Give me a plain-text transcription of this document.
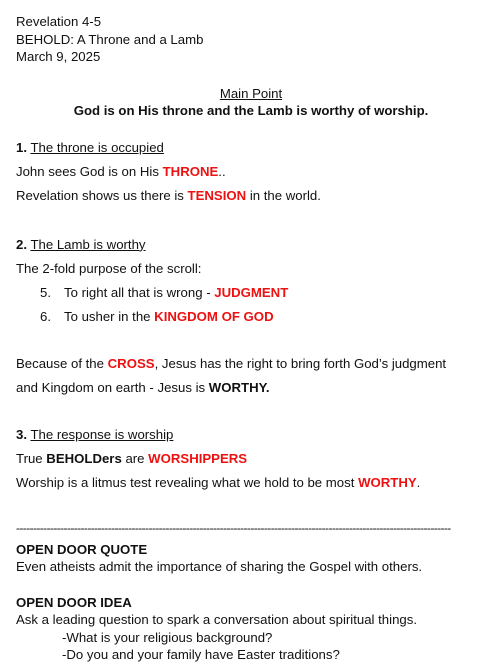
Revelation 4-5
BEHOLD: A Throne and a Lamb
March 9, 2025
Main Point
God is on His throne and the Lamb is worthy of worship.
1. The throne is occupied
John sees God is on His THRONE..
Revelation shows us there is TENSION in the world.
2. The Lamb is worthy
The 2-fold purpose of the scroll:
5. To right all that is wrong - JUDGMENT
6. To usher in the KINGDOM OF GOD
Because of the CROSS, Jesus has the right to bring forth God’s judgment
and Kingdom on earth - Jesus is WORTHY.
3. The response is worship
True BEHOLDers are WORSHIPPERS
Worship is a litmus test revealing what we hold to be most WORTHY.
--------------------------------------------------------------------------------------------------------------------------------
OPEN DOOR QUOTE
Even atheists admit the importance of sharing the Gospel with others.
OPEN DOOR IDEA
Ask a leading question to spark a conversation about spiritual things.
-What is your religious background?
-Do you and your family have Easter traditions?
